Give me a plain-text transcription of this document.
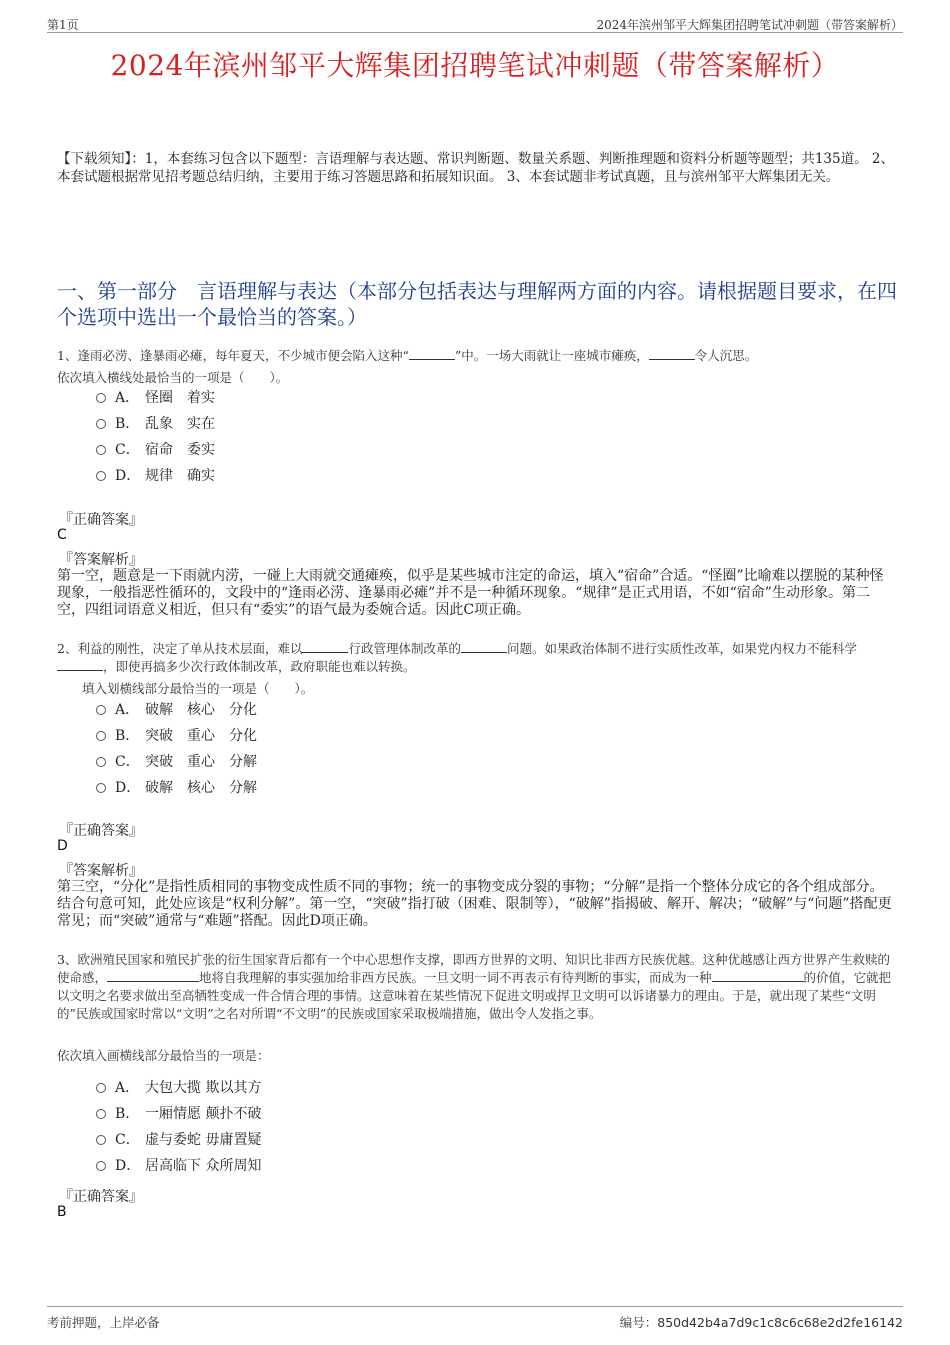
第1页	2024年滨州邹平大辉集团招聘笔试冲刺题（带答案解析）
2024年滨州邹平大辉集团招聘笔试冲刺题（带答案解析）
【下载须知】：1，本套练习包含以下题型：言语理解与表达题、常识判断题、数量关系题、判断推理题和资料分析题等题型；共135道。 2、本套试题根据常见招考题总结归纳，主要用于练习答题思路和拓展知识面。 3、本套试题非考试真题，且与滨州邹平大辉集团无关。
一、第一部分　言语理解与表达（本部分包括表达与理解两方面的内容。请根据题目要求，在四个选项中选出一个最恰当的答案。）
1、逢雨必涝、逢暴雨必瘫，每年夏天，不少城市便会陷入这种“	”中。一场大雨就让一座城市瘫痪，	令人沉思。
依次填入横线处最恰当的一项是（　　）。
A． 怪圈　着实
B． 乱象　实在
C． 宿命　委实
D． 规律　确实
『正确答案』
C
『答案解析』
第一空，题意是一下雨就内涝，一碰上大雨就交通瘫痪，似乎是某些城市注定的命运，填入“宿命”合适。“怪圈”比喻难以摆脱的某种怪现象，一般指恶性循环的，文段中的“逢雨必涝、逢暴雨必瘫”并不是一种循环现象。“规律”是正式用语，不如“宿命”生动形象。第二空，四组词语意义相近，但只有“委实”的语气最为委婉合适。因此C项正确。
2、利益的刚性，决定了单从技术层面，难以	行政管理体制改革的	问题。如果政治体制不进行实质性改革，如果党内权力不能科学，即使再搞多少次行政体制改革，政府职能也难以转换。
填入划横线部分最恰当的一项是（　　）。
A． 破解　核心　分化
B． 突破　重心　分化
C． 突破　重心　分解
D． 破解　核心　分解
『正确答案』
D
『答案解析』
第三空，“分化”是指性质相同的事物变成性质不同的事物；统一的事物变成分裂的事物；“分解”是指一个整体分成它的各个组成部分。结合句意可知，此处应该是“权利分解”。第一空，“突破”指打破（困难、限制等），“破解”指揭破、解开、解决；“破解”与“问题”搭配更常见；而“突破”通常与“难题”搭配。因此D项正确。
3、欧洲殖民国家和殖民扩张的衍生国家背后都有一个中心思想作支撑，即西方世界的文明、知识比非西方民族优越。这种优越感让西方世界产生救赎的使命感，	地将自我理解的事实强加给非西方民族。一旦文明一词不再表示有待判断的事实，而成为一种	的价值，它就把以文明之名要求做出至高牺牲变成一件合情合理的事情。这意味着在某些情况下促进文明或捍卫文明可以诉诸暴力的理由。于是，就出现了某些“文明的”民族或国家时常以“文明”之名对所谓“不文明”的民族或国家采取极端措施，做出令人发指之事。
依次填入画横线部分最恰当的一项是：
A． 大包大揽 欺以其方
B． 一厢情愿 颠扑不破
C． 虚与委蛇 毋庸置疑
D． 居高临下 众所周知
『正确答案』
B
考前押题，上岸必备	编号：850d42b4a7d9c1c8c6c68e2d2fe16142
